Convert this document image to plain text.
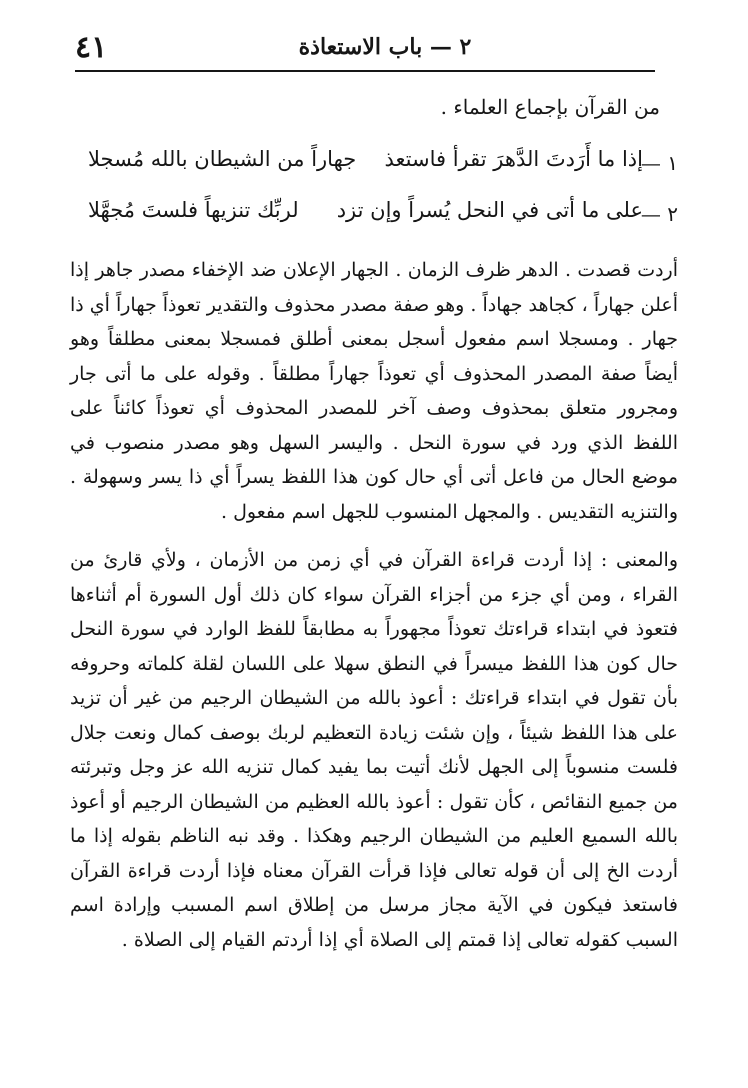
٤١	٢ — باب الاستعاذة
من القرآن بإجماع العلماء .
١ —
إذا ما أَرَدتَ الدَّهرَ تقرأ فاستعذ
جهاراً من الشيطان بالله مُسجلا
٢ —
على ما أتى في النحل يُسراً وإن تزد
لربِّك تنزيهاً فلستَ مُجهَّلا

أردت قصدت . الدهر ظرف الزمان . الجهار الإعلان ضد الإخفاء مصدر جاهر إذا أعلن جهاراً ، كجاهد جهاداً . وهو صفة مصدر محذوف والتقدير تعوذاً جهاراً أي ذا جهار . ومسجلا اسم مفعول أسجل بمعنى أطلق فمسجلا بمعنى مطلقاً وهو أيضاً صفة المصدر المحذوف أي تعوذاً جهاراً مطلقاً . وقوله على ما أتى جار ومجرور متعلق بمحذوف وصف آخر للمصدر المحذوف أي تعوذاً كائناً على اللفظ الذي ورد في سورة النحل . واليسر السهل وهو مصدر منصوب في موضع الحال من فاعل أتى أي حال كون هذا اللفظ يسراً أي ذا يسر وسهولة . والتنزيه التقديس . والمجهل المنسوب للجهل اسم مفعول .

والمعنى : إذا أردت قراءة القرآن في أي زمن من الأزمان ، ولأي قارئ من القراء ، ومن أي جزء من أجزاء القرآن سواء كان ذلك أول السورة أم أثناءها فتعوذ في ابتداء قراءتك تعوذاً مجهوراً به مطابقاً للفظ الوارد في سورة النحل حال كون هذا اللفظ ميسراً في النطق سهلا على اللسان لقلة كلماته وحروفه بأن تقول في ابتداء قراءتك : أعوذ بالله من الشيطان الرجيم من غير أن تزيد على هذا اللفظ شيئاً ، وإن شئت زيادة التعظيم لربك بوصف كمال ونعت جلال فلست منسوباً إلى الجهل لأنك أتيت بما يفيد كمال تنزيه الله عز وجل وتبرئته من جميع النقائص ، كأن تقول : أعوذ بالله العظيم من الشيطان الرجيم أو أعوذ بالله السميع العليم من الشيطان الرجيم وهكذا . وقد نبه الناظم بقوله إذا ما أردت الخ إلى أن قوله تعالى فإذا قرأت القرآن معناه فإذا أردت قراءة القرآن فاستعذ فيكون في الآية مجاز مرسل من إطلاق اسم المسبب وإرادة اسم السبب كقوله تعالى إذا قمتم إلى الصلاة أي إذا أردتم القيام إلى الصلاة .
